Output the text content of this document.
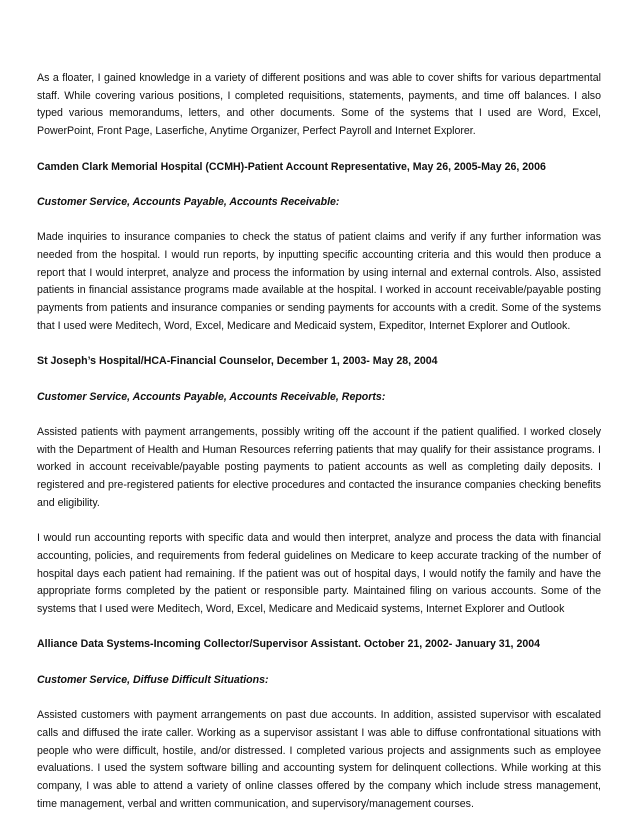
As a floater, I gained knowledge in a variety of different positions and was able to cover shifts for various departmental staff. While covering various positions, I completed requisitions, statements, payments, and time off balances. I also typed various memorandums, letters, and other documents. Some of the systems that I used are Word, Excel, PowerPoint, Front Page, Laserfiche, Anytime Organizer, Perfect Payroll and Internet Explorer.

Camden Clark Memorial Hospital (CCMH)-Patient Account Representative, May 26, 2005-May 26, 2006

Customer Service, Accounts Payable, Accounts Receivable:

Made inquiries to insurance companies to check the status of patient claims and verify if any further information was needed from the hospital. I would run reports, by inputting specific accounting criteria and this would then produce a report that I would interpret, analyze and process the information by using internal and external controls. Also, assisted patients in financial assistance programs made available at the hospital. I worked in account receivable/payable posting payments from patients and insurance companies or sending payments for accounts with a credit. Some of the systems that I used were Meditech, Word, Excel, Medicare and Medicaid system, Expeditor, Internet Explorer and Outlook.

St Joseph’s Hospital/HCA-Financial Counselor, December 1, 2003- May 28, 2004

Customer Service, Accounts Payable, Accounts Receivable, Reports:

Assisted patients with payment arrangements, possibly writing off the account if the patient qualified. I worked closely with the Department of Health and Human Resources referring patients that may qualify for their assistance programs. I worked in account receivable/payable posting payments to patient accounts as well as completing daily deposits. I registered and pre-registered patients for elective procedures and contacted the insurance companies checking benefits and eligibility.

I would run accounting reports with specific data and would then interpret, analyze and process the data with financial accounting, policies, and requirements from federal guidelines on Medicare to keep accurate tracking of the number of hospital days each patient had remaining. If the patient was out of hospital days, I would notify the family and have the appropriate forms completed by the patient or responsible party. Maintained filing on various accounts. Some of the systems that I used were Meditech, Word, Excel, Medicare and Medicaid systems, Internet Explorer and Outlook

Alliance Data Systems-Incoming Collector/Supervisor Assistant. October 21, 2002- January 31, 2004

Customer Service, Diffuse Difficult Situations:

Assisted customers with payment arrangements on past due accounts. In addition, assisted supervisor with escalated calls and diffused the irate caller. Working as a supervisor assistant I was able to diffuse confrontational situations with people who were difficult, hostile, and/or distressed. I completed various projects and assignments such as employee evaluations. I used the system software billing and accounting system for delinquent collections. While working at this company, I was able to attend a variety of online classes offered by the company which include stress management, time management, verbal and written communication, and supervisory/management courses.
